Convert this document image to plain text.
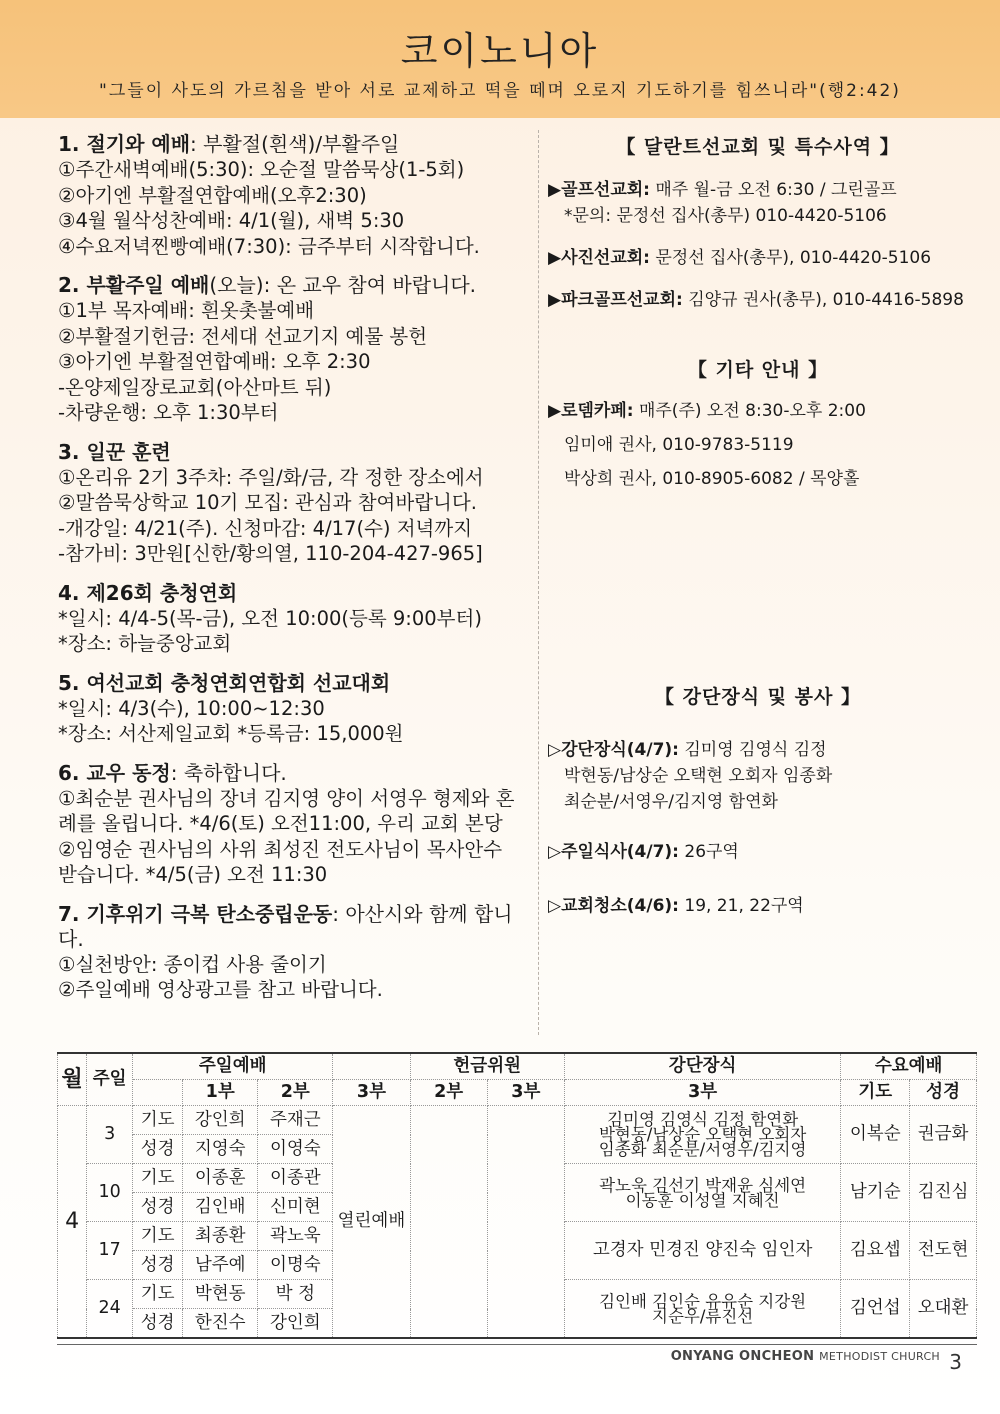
코이노니아
"그들이 사도의 가르침을 받아 서로 교제하고 떡을 떼며 오로지 기도하기를 힘쓰니라"(행2:42)
1. 절기와 예배: 부활절(흰색)/부활주일
①주간새벽예배(5:30): 오순절 말씀묵상(1-5회)
②아기엔 부활절연합예배(오후2:30)
③4월 월삭성찬예배: 4/1(월), 새벽 5:30
④수요저녁찐빵예배(7:30): 금주부터 시작합니다.
2. 부활주일 예배(오늘): 온 교우 참여 바랍니다.
①1부 목자예배: 흰옷촛불예배
②부활절기헌금: 전세대 선교기지 예물 봉헌
③아기엔 부활절연합예배: 오후 2:30
-온양제일장로교회(아산마트 뒤)
-차량운행: 오후 1:30부터
3. 일꾼 훈련
①온리유 2기 3주차: 주일/화/금, 각 정한 장소에서
②말씀묵상학교 10기 모집: 관심과 참여바랍니다.
-개강일: 4/21(주). 신청마감: 4/17(수) 저녁까지
-참가비: 3만원[신한/황의열, 110-204-427-965]
4. 제26회 충청연회
*일시: 4/4-5(목-금), 오전 10:00(등록 9:00부터)
*장소: 하늘중앙교회
5. 여선교회 충청연회연합회 선교대회
*일시: 4/3(수), 10:00~12:30
*장소: 서산제일교회 *등록금: 15,000원
6. 교우 동정: 축하합니다.
①최순분 권사님의 장녀 김지영 양이 서영우 형제와 혼
례를 올립니다. *4/6(토) 오전11:00, 우리 교회 본당
②임영순 권사님의 사위 최성진 전도사님이 목사안수
받습니다. *4/5(금) 오전 11:30
7. 기후위기 극복 탄소중립운동: 아산시와 함께 합니다.
①실천방안: 종이컵 사용 줄이기
②주일예배 영상광고를 참고 바랍니다.
【 달란트선교회 및 특수사역 】
▶골프선교회: 매주 월-금 오전 6:30 / 그린골프
*문의: 문정선 집사(총무) 010-4420-5106
▶사진선교회: 문정선 집사(총무), 010-4420-5106
▶파크골프선교회: 김양규 권사(총무), 010-4416-5898
【 기타 안내 】
▶로뎀카페: 매주(주) 오전 8:30-오후 2:00
임미애 권사, 010-9783-5119
박상희 권사, 010-8905-6082 / 목양홀
【 강단장식 및 봉사 】
▷강단장식(4/7): 김미영 김영식 김정
박현동/남상순 오택현 오회자 임종화
최순분/서영우/김지영 함연화
▷주일식사(4/7): 26구역
▷교회청소(4/6): 19, 21, 22구역
월	주일	주일예배				헌금위원		강단장식	수요예배	
			1부	2부	3부	2부	3부	3부	기도	성경
4	3	기도	강인희	주재근	열린예배			김미영 김영식 김정 함연화
박현동/남상순 오택현 오회자
임종화 최순분/서영우/김지영	이복순	권금화
		성경	지영숙	이영숙						
	10	기도	이종훈	이종관				곽노욱 김선기 박재윤 심세연
이동훈 이성열 지혜진	남기순	김진심
		성경	김인배	신미현						
	17	기도	최종환	곽노욱				고경자 민경진 양진숙 임인자	김요셉	전도현
		성경	남주예	이명숙						
	24	기도	박현동	박 정				김인배 김인순 유유순 지강원
지순우/류진선	김언섭	오대환
		성경	한진수	강인희						
ONYANG ONCHEON METHODIST CHURCH 3
